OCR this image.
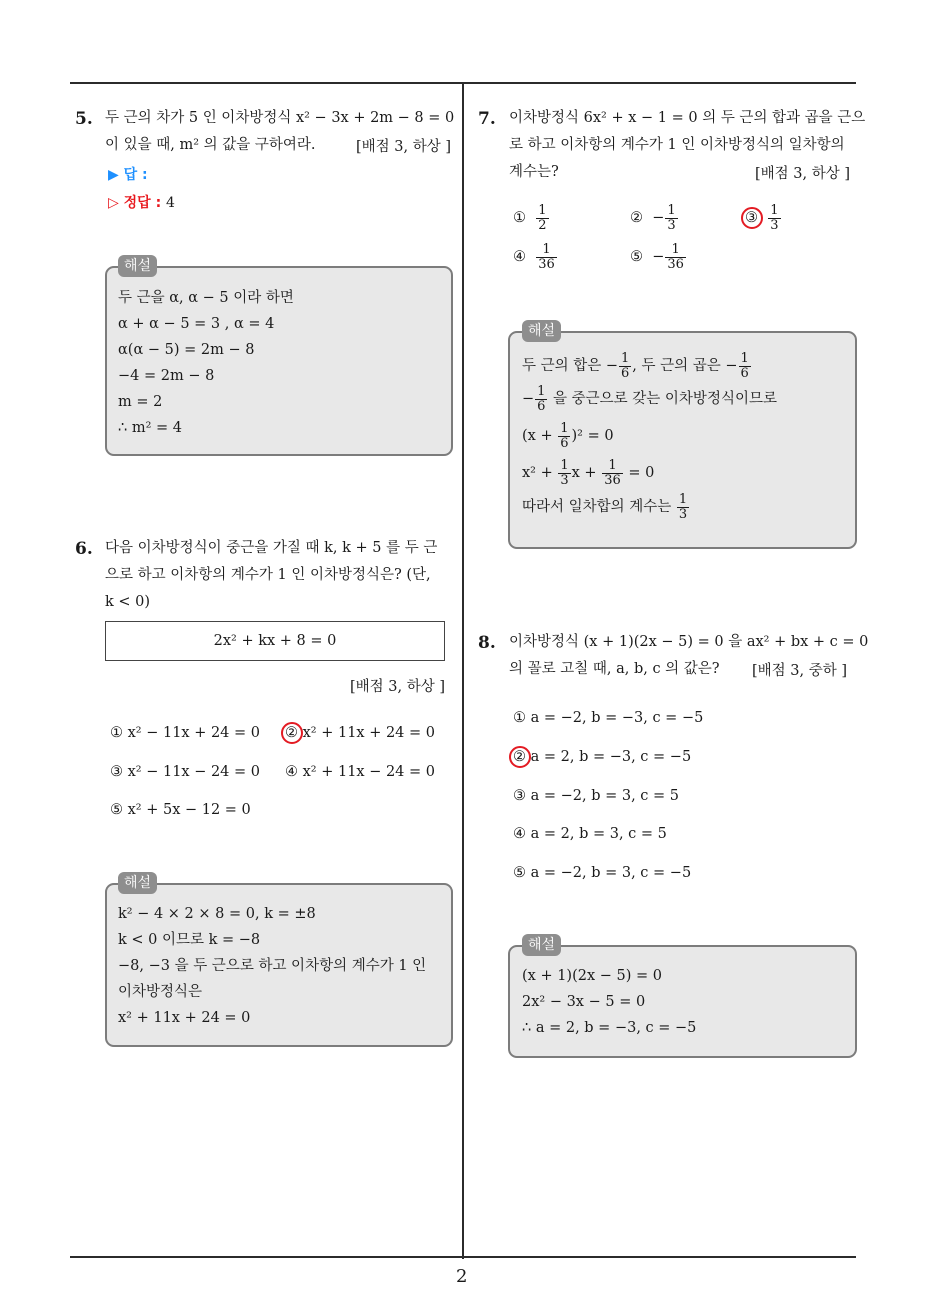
2
5. 두 근의 차가 5 인 이차방정식 x² − 3x + 2m − 8 = 0
이 있을 때, m² 의 값을 구하여라.	[배점 3, 하상 ]
▶ 답 :
▷ 정답 : 4
해설
두 근을 α, α − 5 이라 하면
α + α − 5 = 3 , α = 4
α(α − 5) = 2m − 8
−4 = 2m − 8
m = 2
∴ m² = 4
6. 다음 이차방정식이 중근을 가질 때 k, k + 5 를 두 근
으로 하고 이차항의 계수가 1 인 이차방정식은? (단,
k < 0)
2x² + kx + 8 = 0
[배점 3, 하상 ]
① x² − 11x + 24 = 0 ② x² + 11x + 24 = 0
③ x² − 11x − 24 = 0 ④ x² + 11x − 24 = 0
⑤ x² + 5x − 12 = 0
해설
k² − 4 × 2 × 8 = 0, k = ±8
k < 0 이므로 k = −8
−8, −3 을 두 근으로 하고 이차항의 계수가 1 인
이차방정식은
x² + 11x + 24 = 0
7. 이차방정식 6x² + x − 1 = 0 의 두 근의 합과 곱을 근으
로 하고 이차항의 계수가 1 인 이차방정식의 일차항의
계수는?	[배점 3, 하상 ]
① $\frac{1}{2}$	② − $\frac{1}{3}$	③ $\frac{1}{3}$
④ $\frac{1}{36}$	⑤ − $\frac{1}{36}$
해설
두 근의 합은 − $\frac{1}{6}$ , 두 근의 곱은 − $\frac{1}{6}$
− $\frac{1}{6}$ 을 중근으로 갖는 이차방정식이므로
$(x + \frac{1}{6} )^2 = 0$
$x^2 + \frac{1}{3}$ $x + \frac{1}{36} = 0$
따라서 일차합의 계수는 $\frac{1}{3}$
8. 이차방정식 (x + 1)(2x − 5) = 0 을 ax² + bx + c = 0
의 꼴로 고칠 때, a, b, c 의 값은? [배점 3, 중하 ]
① a = −2, b = −3, c = −5
② a = 2, b = −3, c = −5
③ a = −2, b = 3, c = 5
④ a = 2, b = 3, c = 5
⑤ a = −2, b = 3, c = −5
해설
(x + 1)(2x − 5) = 0
2x² − 3x − 5 = 0
∴ a = 2, b = −3, c = −5
